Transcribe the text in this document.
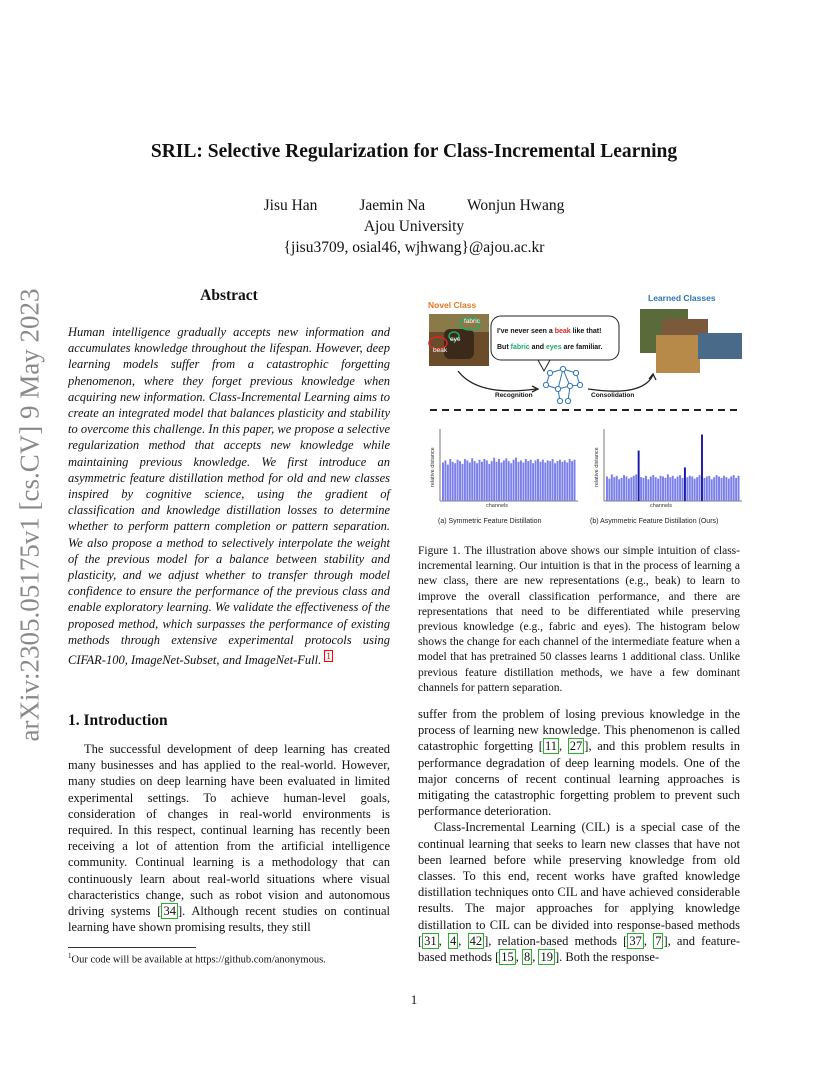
arXiv:2305.05175v1 [cs.CV] 9 May 2023
SRIL: Selective Regularization for Class-Incremental Learning
Jisu Han	Jaemin Na	Wonjun Hwang
Ajou University
{jisu3709, osial46, wjhwang}@ajou.ac.kr
Abstract
Human intelligence gradually accepts new information and accumulates knowledge throughout the lifespan. However, deep learning models suffer from a catastrophic forgetting phenomenon, where they forget previous knowledge when acquiring new information. Class-Incremental Learning aims to create an integrated model that balances plasticity and stability to overcome this challenge. In this paper, we propose a selective regularization method that accepts new knowledge while maintaining previous knowledge. We first introduce an asymmetric feature distillation method for old and new classes inspired by cognitive science, using the gradient of classification and knowledge distillation losses to determine whether to perform pattern completion or pattern separation. We also propose a method to selectively interpolate the weight of the previous model for a balance between stability and plasticity, and we adjust whether to transfer through model confidence to ensure the performance of the previous class and enable exploratory learning. We validate the effectiveness of the proposed method, which surpasses the performance of existing methods through extensive experimental protocols using CIFAR-100, ImageNet-Subset, and ImageNet-Full. $^1$
1. Introduction
The successful development of deep learning has created many businesses and has applied to the real-world. However, many studies on deep learning have been evaluated in limited experimental settings. To achieve human-level goals, consideration of changes in real-world environments is required. In this respect, continual learning has recently been receiving a lot of attention from the artificial intelligence community. Continual learning is a methodology that can continuously learn about real-world situations where visual characteristics change, such as robot vision and autonomous driving systems [ 34 ]. Although recent studies on continual learning have shown promising results, they still
$^1$Our code will be available at https://github.com/anonymous.
Novel Class
Learned Classes
fabric
eye
beak
I've never seen a beak like that!
But fabric and eyes are familiar.
Recognition	Consolidation
relative distance
channels
relative distance
channels
(a) Symmetric Feature Distillation	(b) Asymmetric Feature Distillation (Ours)
Figure 1. The illustration above shows our simple intuition of class-incremental learning. Our intuition is that in the process of learning a new class, there are new representations (e.g., beak) to learn to improve the overall classification performance, and there are representations that need to be differentiated while preserving previous knowledge (e.g., fabric and eyes). The histogram below shows the change for each channel of the intermediate feature when a model that has pretrained 50 classes learns 1 additional class. Unlike previous feature distillation methods, we have a few dominant channels for pattern separation.

suffer from the problem of losing previous knowledge in the process of learning new knowledge. This phenomenon is called catastrophic forgetting [ 11 , 27 ], and this problem results in performance degradation of deep learning models. One of the major concerns of recent continual learning approaches is mitigating the catastrophic forgetting problem to prevent such performance deterioration.

Class-Incremental Learning (CIL) is a special case of the continual learning that seeks to learn new classes that have not been learned before while preserving knowledge from old classes. To this end, recent works have grafted knowledge distillation techniques onto CIL and have achieved considerable results. The major approaches for applying knowledge distillation to CIL can be divided into response-based methods [ 31 , 4 , 42 ], relation-based methods [ 37 , 7 ], and feature-based methods [ 15 , 8 , 19 ]. Both the response-

1
